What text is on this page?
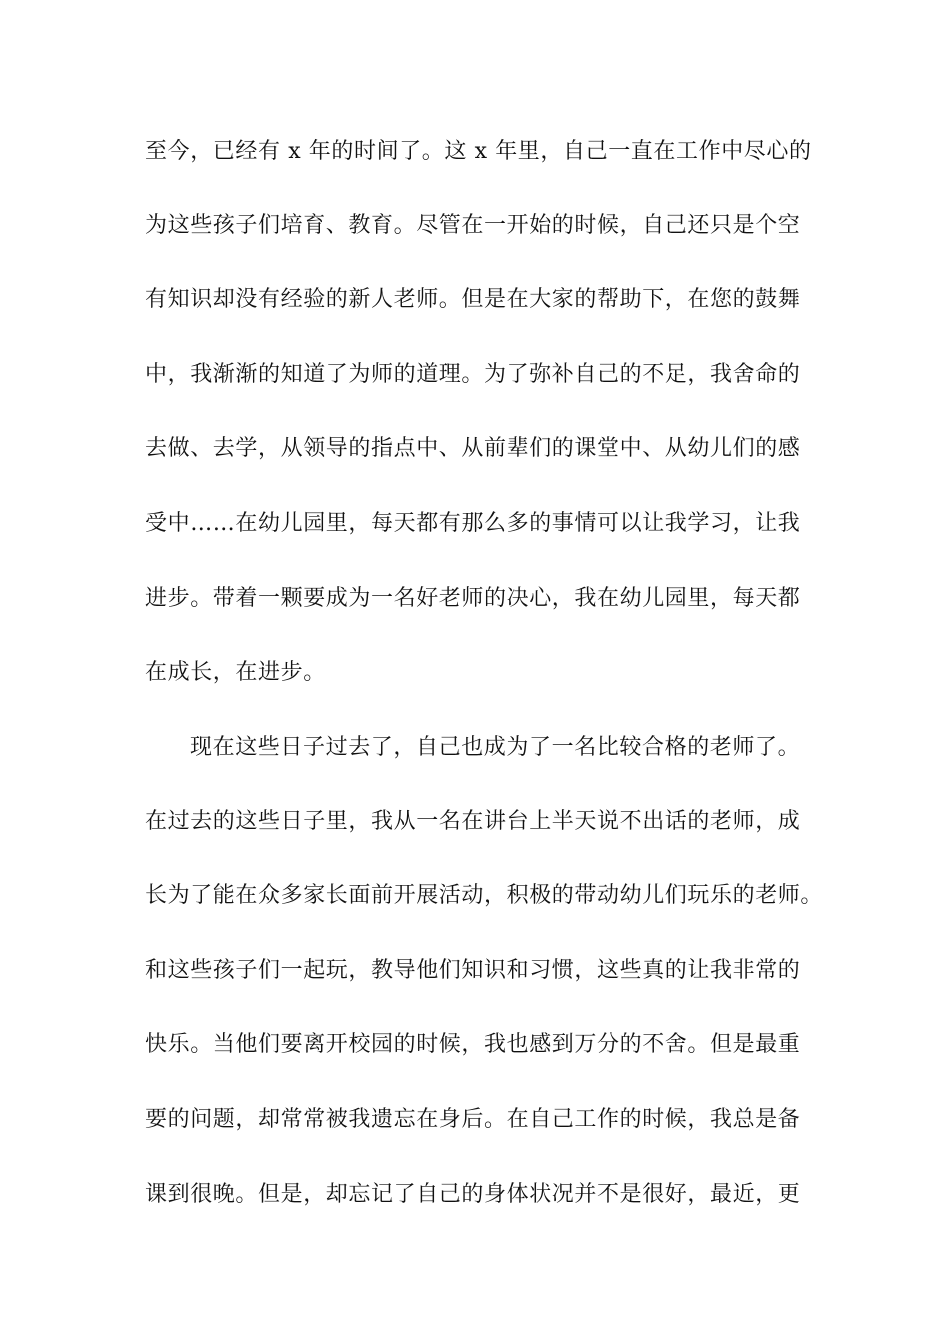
至今，已经有 x 年的时间了。这 x 年里，自己一直在工作中尽心的
为这些孩子们培育、教育。尽管在一开始的时候，自己还只是个空
有知识却没有经验的新人老师。但是在大家的帮助下，在您的鼓舞
中，我渐渐的知道了为师的道理。为了弥补自己的不足，我舍命的
去做、去学，从领导的指点中、从前辈们的课堂中、从幼儿们的感
受中……在幼儿园里，每天都有那么多的事情可以让我学习，让我
进步。带着一颗要成为一名好老师的决心，我在幼儿园里，每天都
在成长，在进步。
现在这些日子过去了，自己也成为了一名比较合格的老师了。
在过去的这些日子里，我从一名在讲台上半天说不出话的老师，成
长为了能在众多家长面前开展活动，积极的带动幼儿们玩乐的老师。
和这些孩子们一起玩，教导他们知识和习惯，这些真的让我非常的
快乐。当他们要离开校园的时候，我也感到万分的不舍。但是最重
要的问题，却常常被我遗忘在身后。在自己工作的时候，我总是备
课到很晚。但是，却忘记了自己的身体状况并不是很好，最近，更
